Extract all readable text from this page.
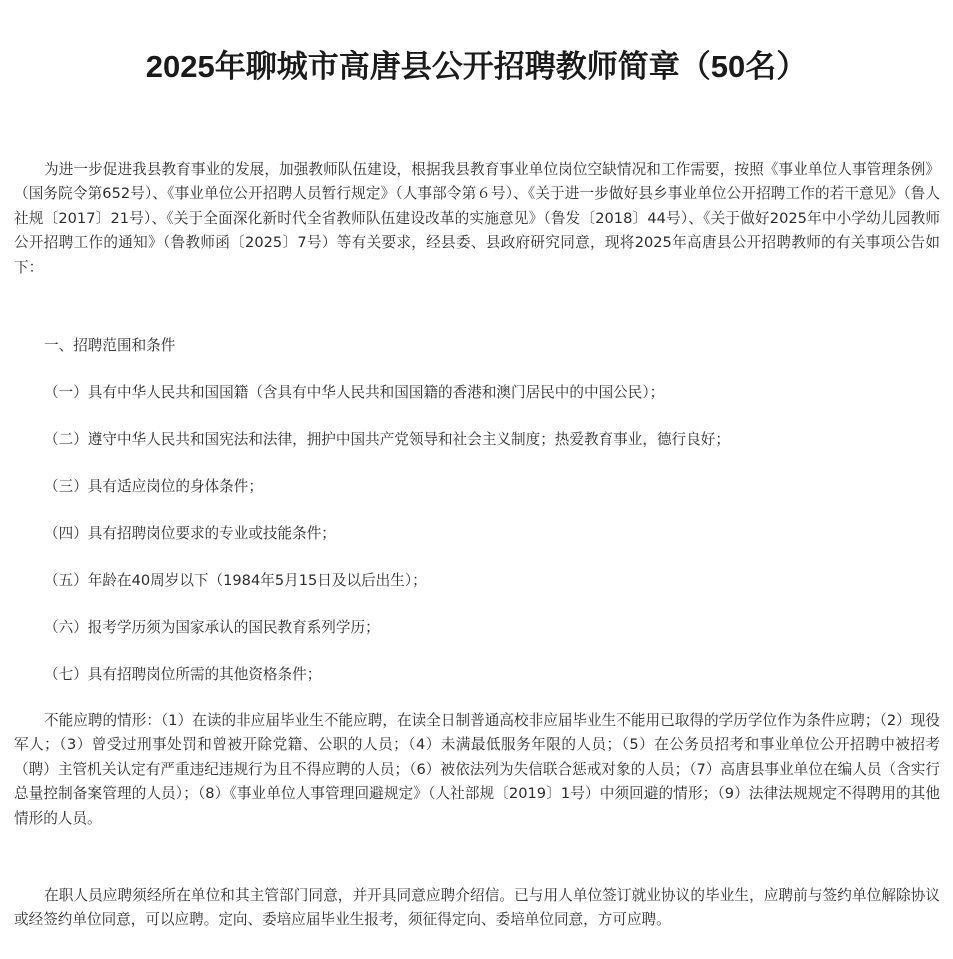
2025年聊城市高唐县公开招聘教师简章（50名）

为进一步促进我县教育事业的发展，加强教师队伍建设，根据我县教育事业单位岗位空缺情况和工作需要，按照《事业单位人事管理条例》（国务院令第652号）、《事业单位公开招聘人员暂行规定》（人事部令第６号）、《关于进一步做好县乡事业单位公开招聘工作的若干意见》（鲁人社规〔2017〕21号）、《关于全面深化新时代全省教师队伍建设改革的实施意见》（鲁发〔2018〕44号）、《关于做好2025年中小学幼儿园教师公开招聘工作的通知》（鲁教师函〔2025〕7号）等有关要求，经县委、县政府研究同意，现将2025年高唐县公开招聘教师的有关事项公告如下：

一、招聘范围和条件

（一）具有中华人民共和国国籍（含具有中华人民共和国国籍的香港和澳门居民中的中国公民）；

（二）遵守中华人民共和国宪法和法律，拥护中国共产党领导和社会主义制度；热爱教育事业，德行良好；

（三）具有适应岗位的身体条件；

（四）具有招聘岗位要求的专业或技能条件；

（五）年龄在40周岁以下（1984年5月15日及以后出生）；

（六）报考学历须为国家承认的国民教育系列学历；

（七）具有招聘岗位所需的其他资格条件；

不能应聘的情形：（1）在读的非应届毕业生不能应聘，在读全日制普通高校非应届毕业生不能用已取得的学历学位作为条件应聘；（2）现役军人；（3）曾受过刑事处罚和曾被开除党籍、公职的人员；（4）未满最低服务年限的人员；（5）在公务员招考和事业单位公开招聘中被招考（聘）主管机关认定有严重违纪违规行为且不得应聘的人员；（6）被依法列为失信联合惩戒对象的人员；（7）高唐县事业单位在编人员（含实行总量控制备案管理的人员）；（8）《事业单位人事管理回避规定》（人社部规〔2019〕1号）中须回避的情形；（9）法律法规规定不得聘用的其他情形的人员。

在职人员应聘须经所在单位和其主管部门同意，并开具同意应聘介绍信。已与用人单位签订就业协议的毕业生，应聘前与签约单位解除协议或经签约单位同意，可以应聘。定向、委培应届毕业生报考，须征得定向、委培单位同意，方可应聘。
